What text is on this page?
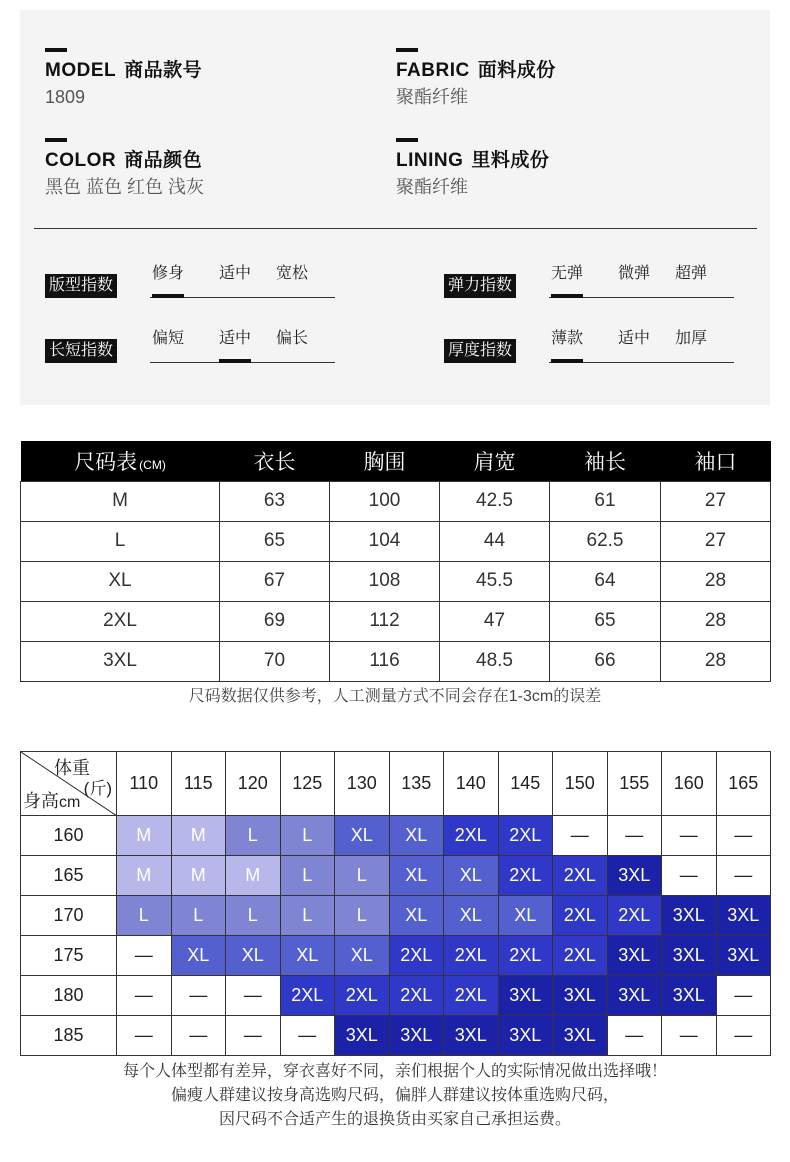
MODEL 商品款号
1809
FABRIC 面料成份
聚酯纤维
COLOR 商品颜色
黑色 蓝色 红色 浅灰
LINING 里料成份
聚酯纤维
版型指数
修身 适中 宽松
弹力指数
无弹 微弹 超弹
长短指数
偏短 适中 偏长
厚度指数
薄款 适中 加厚
尺码表 (CM)	衣长	胸围	肩宽	袖长	袖口
M	63	100	42.5	61	27
L	65	104	44	62.5	27
XL	67	108	45.5	64	28
2XL	69	112	47	65	28
3XL	70	116	48.5	66	28
尺码数据仅供参考，人工测量方式不同会存在1-3cm的误差
体重
(斤)
身高cm	110	115	120	125	130	135	140	145	150	155	160	165
160	M	M	L	L	XL	XL	2XL	2XL	—	—	—	—
165	M	M	M	L	L	XL	XL	2XL	2XL	3XL	—	—
170	L	L	L	L	L	XL	XL	XL	2XL	2XL	3XL	3XL
175	—	XL	XL	XL	XL	2XL	2XL	2XL	2XL	3XL	3XL	3XL
180	—	—	—	2XL	2XL	2XL	2XL	3XL	3XL	3XL	3XL	—
185	—	—	—	—	3XL	3XL	3XL	3XL	3XL	—	—	—
每个人体型都有差异，穿衣喜好不同，亲们根据个人的实际情况做出选择哦！
偏瘦人群建议按身高选购尺码，偏胖人群建议按体重选购尺码，
因尺码不合适产生的退换货由买家自己承担运费。
